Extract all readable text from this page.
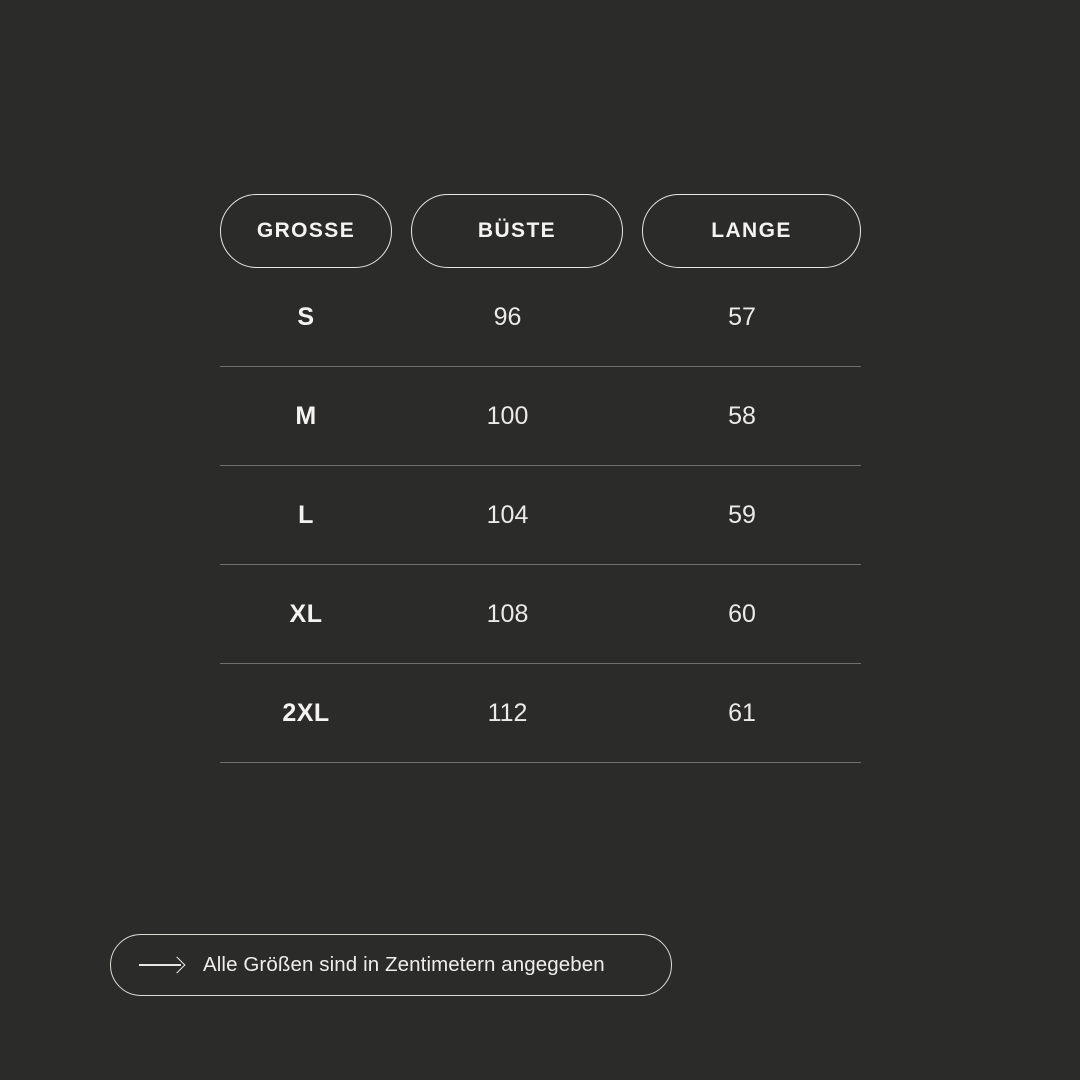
GROSSE	BÜSTE	LANGE
S	96	57
M	100	58
L	104	59
XL	108	60
2XL	112	61
Alle Größen sind in Zentimetern angegeben
